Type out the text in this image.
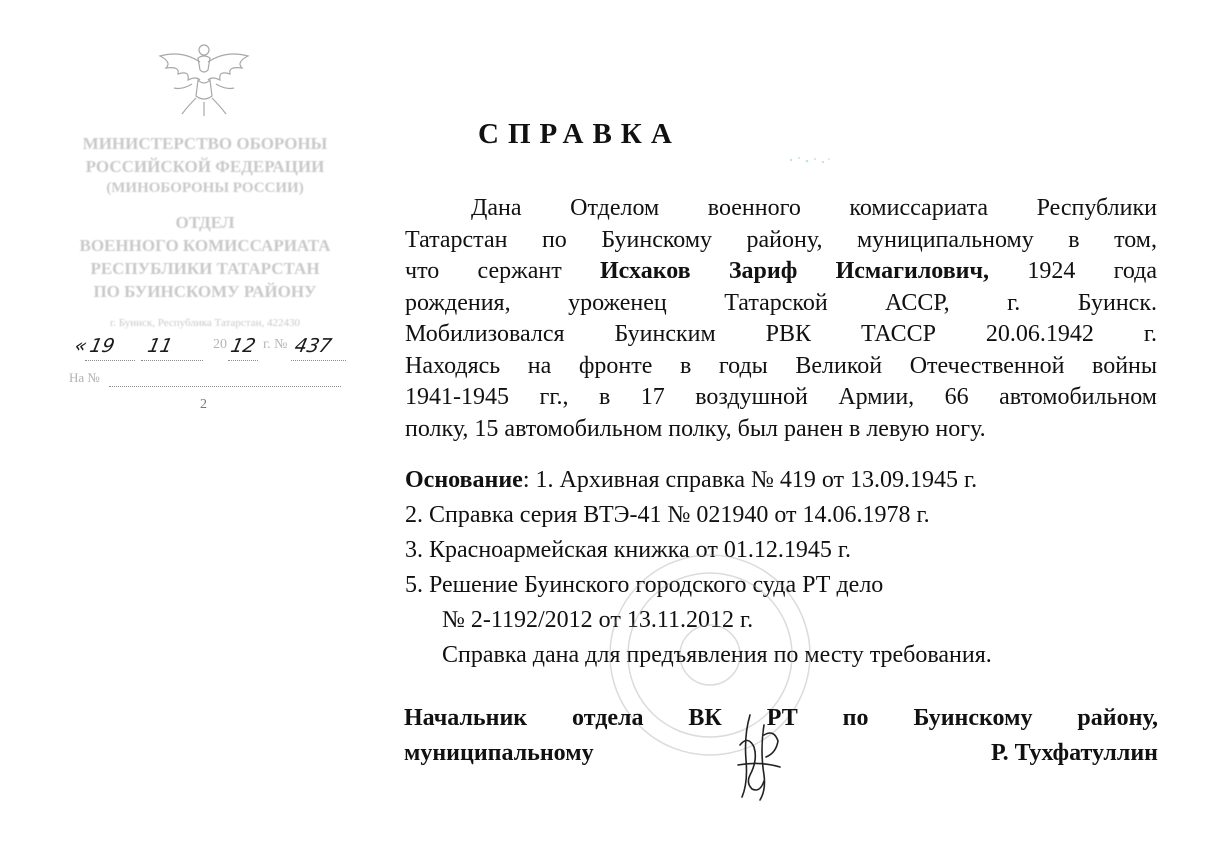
МИНИСТЕРСТВО ОБОРОНЫ
РОССИЙСКОЙ ФЕДЕРАЦИИ
(МИНОБОРОНЫ РОССИИ)
ОТДЕЛ
ВОЕННОГО КОМИССАРИАТА
РЕСПУБЛИКИ ТАТАРСТАН
ПО БУИНСКОМУ РАЙОНУ
г. Буинск, Республика Татарстан, 422430
«
19 11	20 12 г. № 437
На №
2
СПРАВКА
Дана Отделом военного комиссариата Республики
Татарстан по Буинскому району, муниципальному в том,
что сержант Исхаков Зариф Исмагилович, 1924 года
рождения, уроженец Татарской АССР, г. Буинск.
Мобилизовался Буинским РВК ТАССР 20.06.1942 г.
Находясь на фронте в годы Великой Отечественной войны
1941-1945 гг., в 17 воздушной Армии, 66 автомобильном
полку, 15 автомобильном полку, был ранен в левую ногу.
Основание: 1. Архивная справка № 419 от 13.09.1945 г.
2. Справка серия ВТЭ-41 № 021940 от 14.06.1978 г.
3. Красноармейская книжка от 01.12.1945 г.
5. Решение Буинского городского суда РТ дело
№ 2-1192/2012 от 13.11.2012 г.
Справка дана для предъявления по месту требования.
Начальник отдела ВК РТ по Буинскому району,
муниципальному	Р. Тухфатуллин
